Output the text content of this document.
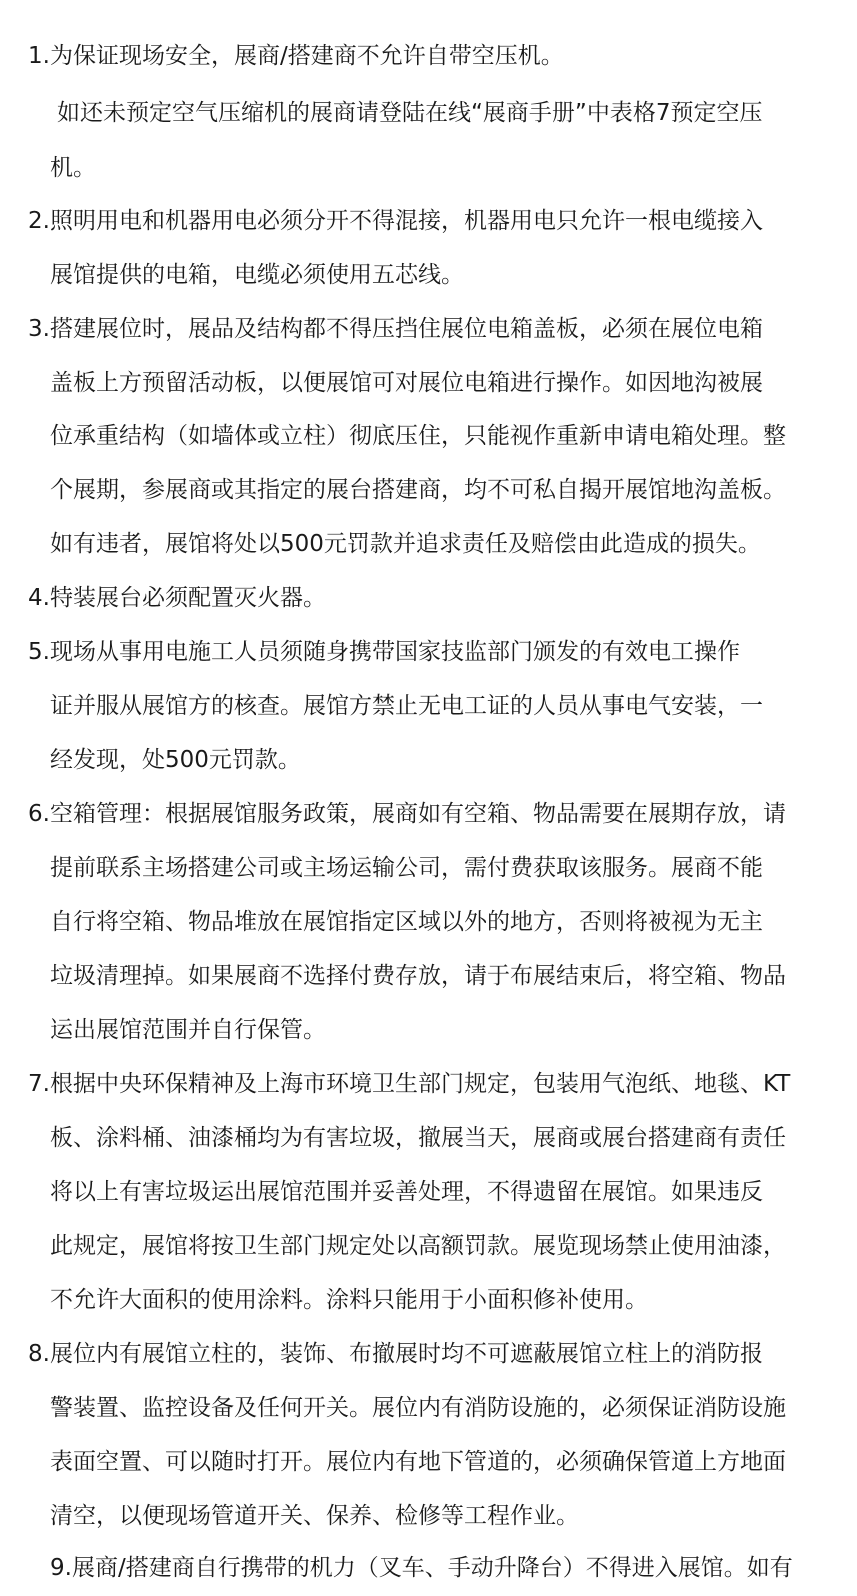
1.为保证现场安全，展商/搭建商不允许自带空压机。
如还未预定空气压缩机的展商请登陆在线“展商手册”中表格7预定空压
机。
2.照明用电和机器用电必须分开不得混接，机器用电只允许一根电缆接入
展馆提供的电箱，电缆必须使用五芯线。
3.搭建展位时，展品及结构都不得压挡住展位电箱盖板，必须在展位电箱
盖板上方预留活动板，以便展馆可对展位电箱进行操作。如因地沟被展
位承重结构（如墙体或立柱）彻底压住，只能视作重新申请电箱处理。整
个展期，参展商或其指定的展台搭建商，均不可私自揭开展馆地沟盖板。
如有违者，展馆将处以500元罚款并追求责任及赔偿由此造成的损失。
4.特装展台必须配置灭火器。
5.现场从事用电施工人员须随身携带国家技监部门颁发的有效电工操作
证并服从展馆方的核查。展馆方禁止无电工证的人员从事电气安装，一
经发现，处500元罚款。
6.空箱管理：根据展馆服务政策，展商如有空箱、物品需要在展期存放，请
提前联系主场搭建公司或主场运输公司，需付费获取该服务。展商不能
自行将空箱、物品堆放在展馆指定区域以外的地方，否则将被视为无主
垃圾清理掉。如果展商不选择付费存放，请于布展结束后，将空箱、物品
运出展馆范围并自行保管。
7.根据中央环保精神及上海市环境卫生部门规定，包装用气泡纸、地毯、KT
板、涂料桶、油漆桶均为有害垃圾，撤展当天，展商或展台搭建商有责任
将以上有害垃圾运出展馆范围并妥善处理，不得遗留在展馆。如果违反
此规定，展馆将按卫生部门规定处以高额罚款。展览现场禁止使用油漆，
不允许大面积的使用涂料。涂料只能用于小面积修补使用。
8.展位内有展馆立柱的，装饰、布撤展时均不可遮蔽展馆立柱上的消防报
警装置、监控设备及任何开关。展位内有消防设施的，必须保证消防设施
表面空置、可以随时打开。展位内有地下管道的，必须确保管道上方地面
清空，以便现场管道开关、保养、检修等工程作业。
9.展商/搭建商自行携带的机力（叉车、手动升降台）不得进入展馆。如有
